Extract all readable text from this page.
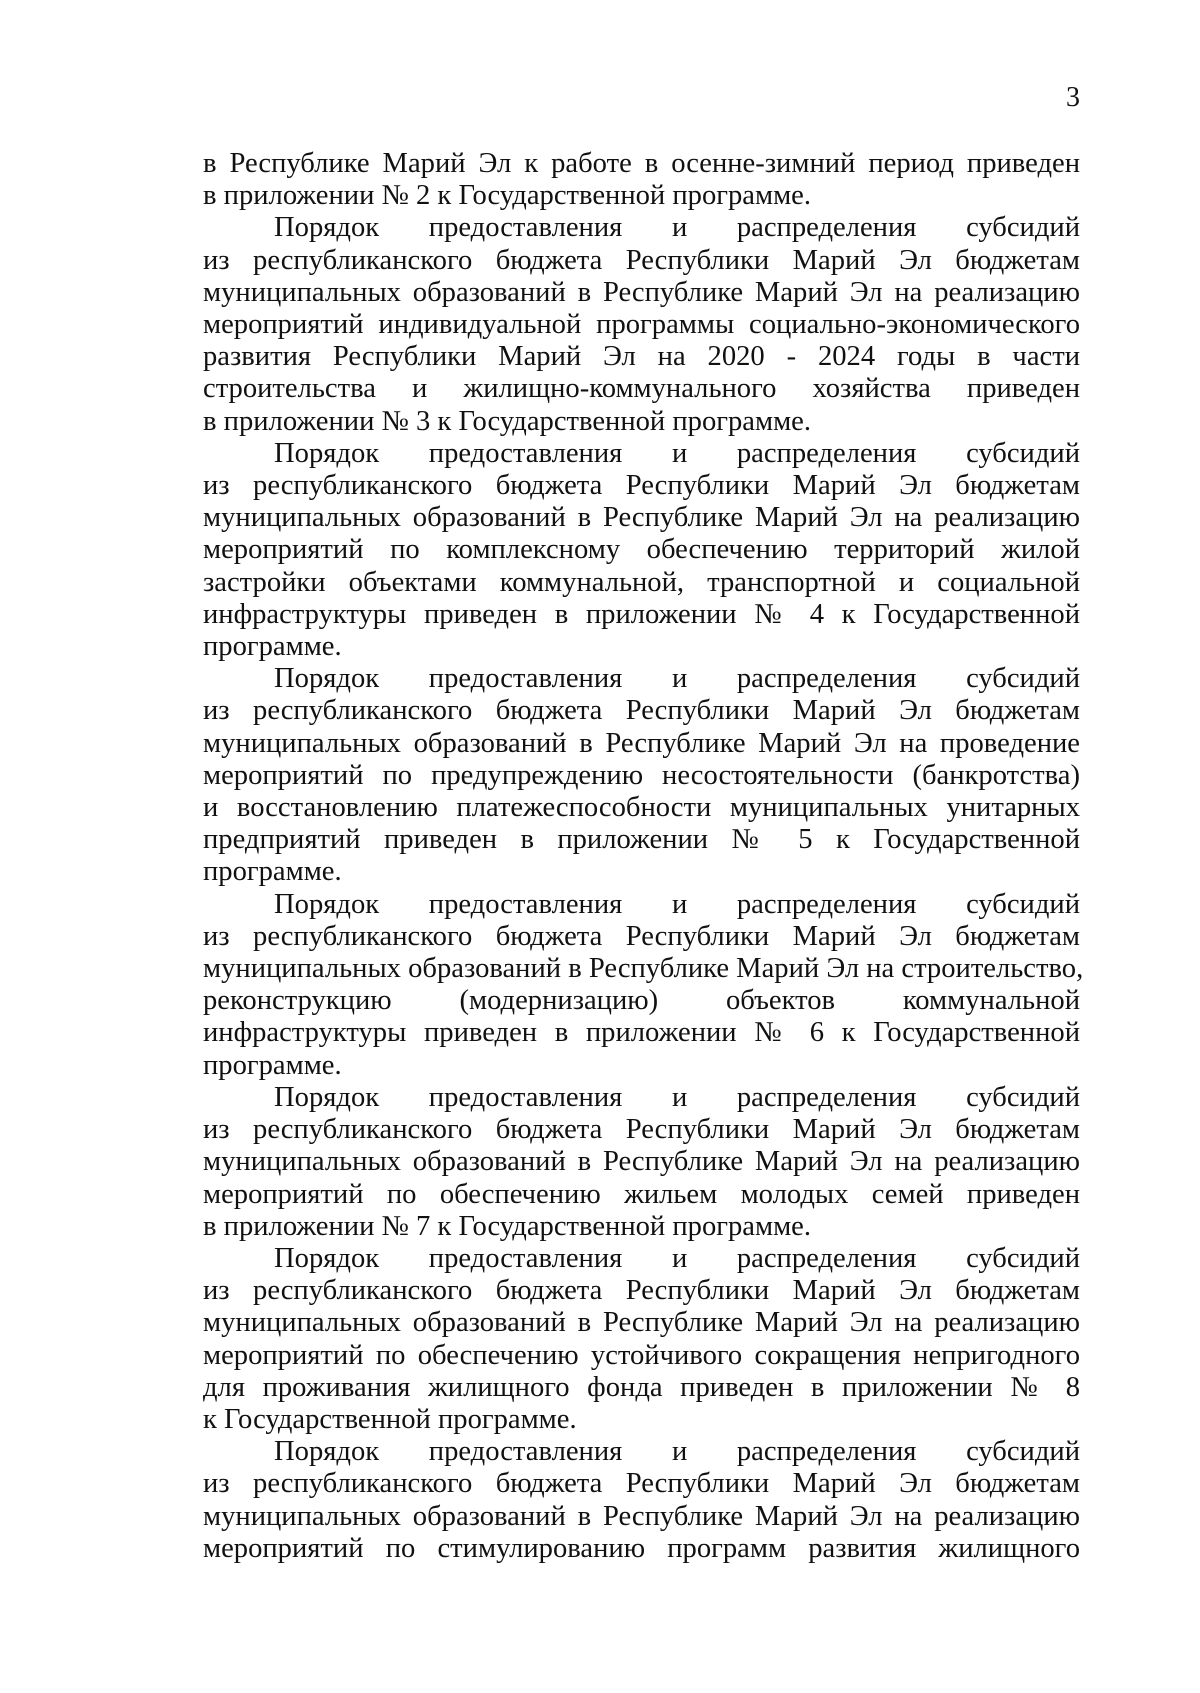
3
в Республике Марий Эл к работе в осенне-зимний период приведен
в приложении № 2 к Государственной программе.
Порядок предоставления и распределения субсидий
из республиканского бюджета Республики Марий Эл бюджетам
муниципальных образований в Республике Марий Эл на реализацию
мероприятий индивидуальной программы социально-экономического
развития Республики Марий Эл на 2020 - 2024 годы в части
строительства и жилищно-коммунального хозяйства приведен
в приложении № 3 к Государственной программе.
Порядок предоставления и распределения субсидий
из республиканского бюджета Республики Марий Эл бюджетам
муниципальных образований в Республике Марий Эл на реализацию
мероприятий по комплексному обеспечению территорий жилой
застройки объектами коммунальной, транспортной и социальной
инфраструктуры приведен в приложении № 4 к Государственной
программе.
Порядок предоставления и распределения субсидий
из республиканского бюджета Республики Марий Эл бюджетам
муниципальных образований в Республике Марий Эл на проведение
мероприятий по предупреждению несостоятельности (банкротства)
и восстановлению платежеспособности муниципальных унитарных
предприятий приведен в приложении № 5 к Государственной
программе.
Порядок предоставления и распределения субсидий
из республиканского бюджета Республики Марий Эл бюджетам
муниципальных образований в Республике Марий Эл на строительство,
реконструкцию (модернизацию) объектов коммунальной
инфраструктуры приведен в приложении № 6 к Государственной
программе.
Порядок предоставления и распределения субсидий
из республиканского бюджета Республики Марий Эл бюджетам
муниципальных образований в Республике Марий Эл на реализацию
мероприятий по обеспечению жильем молодых семей приведен
в приложении № 7 к Государственной программе.
Порядок предоставления и распределения субсидий
из республиканского бюджета Республики Марий Эл бюджетам
муниципальных образований в Республике Марий Эл на реализацию
мероприятий по обеспечению устойчивого сокращения непригодного
для проживания жилищного фонда приведен в приложении № 8
к Государственной программе.
Порядок предоставления и распределения субсидий
из республиканского бюджета Республики Марий Эл бюджетам
муниципальных образований в Республике Марий Эл на реализацию
мероприятий по стимулированию программ развития жилищного
